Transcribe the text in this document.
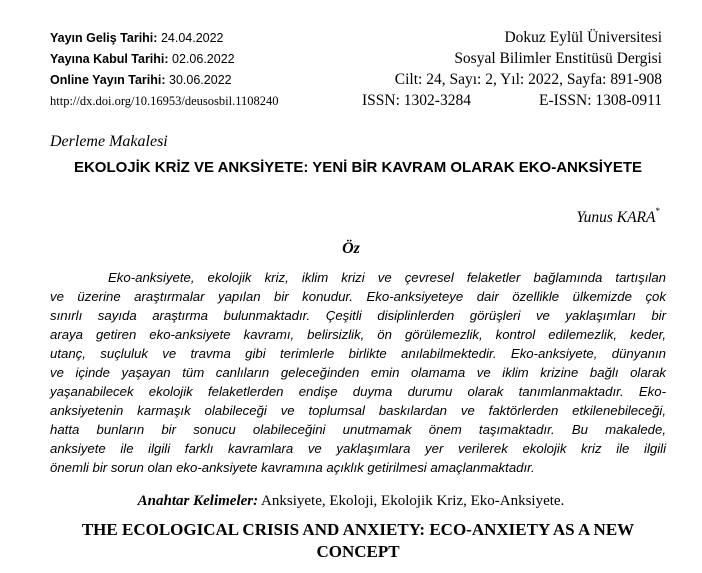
Yayın Geliş Tarihi: 24.04.2022
Yayına Kabul Tarihi: 02.06.2022
Online Yayın Tarihi: 30.06.2022
http://dx.doi.org/10.16953/deusosbil.1108240
Dokuz Eylül Üniversitesi
Sosyal Bilimler Enstitüsü Dergisi
Cilt: 24, Sayı: 2, Yıl: 2022, Sayfa: 891-908
ISSN: 1302-3284	E-ISSN: 1308-0911
Derleme Makalesi
EKOLOJİK KRİZ VE ANKSİYETE: YENİ BİR KAVRAM OLARAK EKO-ANKSİYETE
Yunus KARA*
Öz
Eko-anksiyete, ekolojik kriz, iklim krizi ve çevresel felaketler bağlamında tartışılan
ve üzerine araştırmalar yapılan bir konudur. Eko-anksiyeteye dair özellikle ülkemizde çok
sınırlı sayıda araştırma bulunmaktadır. Çeşitli disiplinlerden görüşleri ve yaklaşımları bir
araya getiren eko-anksiyete kavramı, belirsizlik, ön görülemezlik, kontrol edilemezlik, keder,
utanç, suçluluk ve travma gibi terimlerle birlikte anılabilmektedir. Eko-anksiyete, dünyanın
ve içinde yaşayan tüm canlıların geleceğinden emin olamama ve iklim krizine bağlı olarak
yaşanabilecek ekolojik felaketlerden endişe duyma durumu olarak tanımlanmaktadır. Eko-
anksiyetenin karmaşık olabileceği ve toplumsal baskılardan ve faktörlerden etkilenebileceği,
hatta bunların bir sonucu olabileceğini unutmamak önem taşımaktadır. Bu makalede,
anksiyete ile ilgili farklı kavramlara ve yaklaşımlara yer verilerek ekolojik kriz ile ilgili
önemli bir sorun olan eko-anksiyete kavramına açıklık getirilmesi amaçlanmaktadır.
Anahtar Kelimeler: Anksiyete, Ekoloji, Ekolojik Kriz, Eko-Anksiyete.
THE ECOLOGICAL CRISIS AND ANXIETY: ECO-ANXIETY AS A NEW CONCEPT
